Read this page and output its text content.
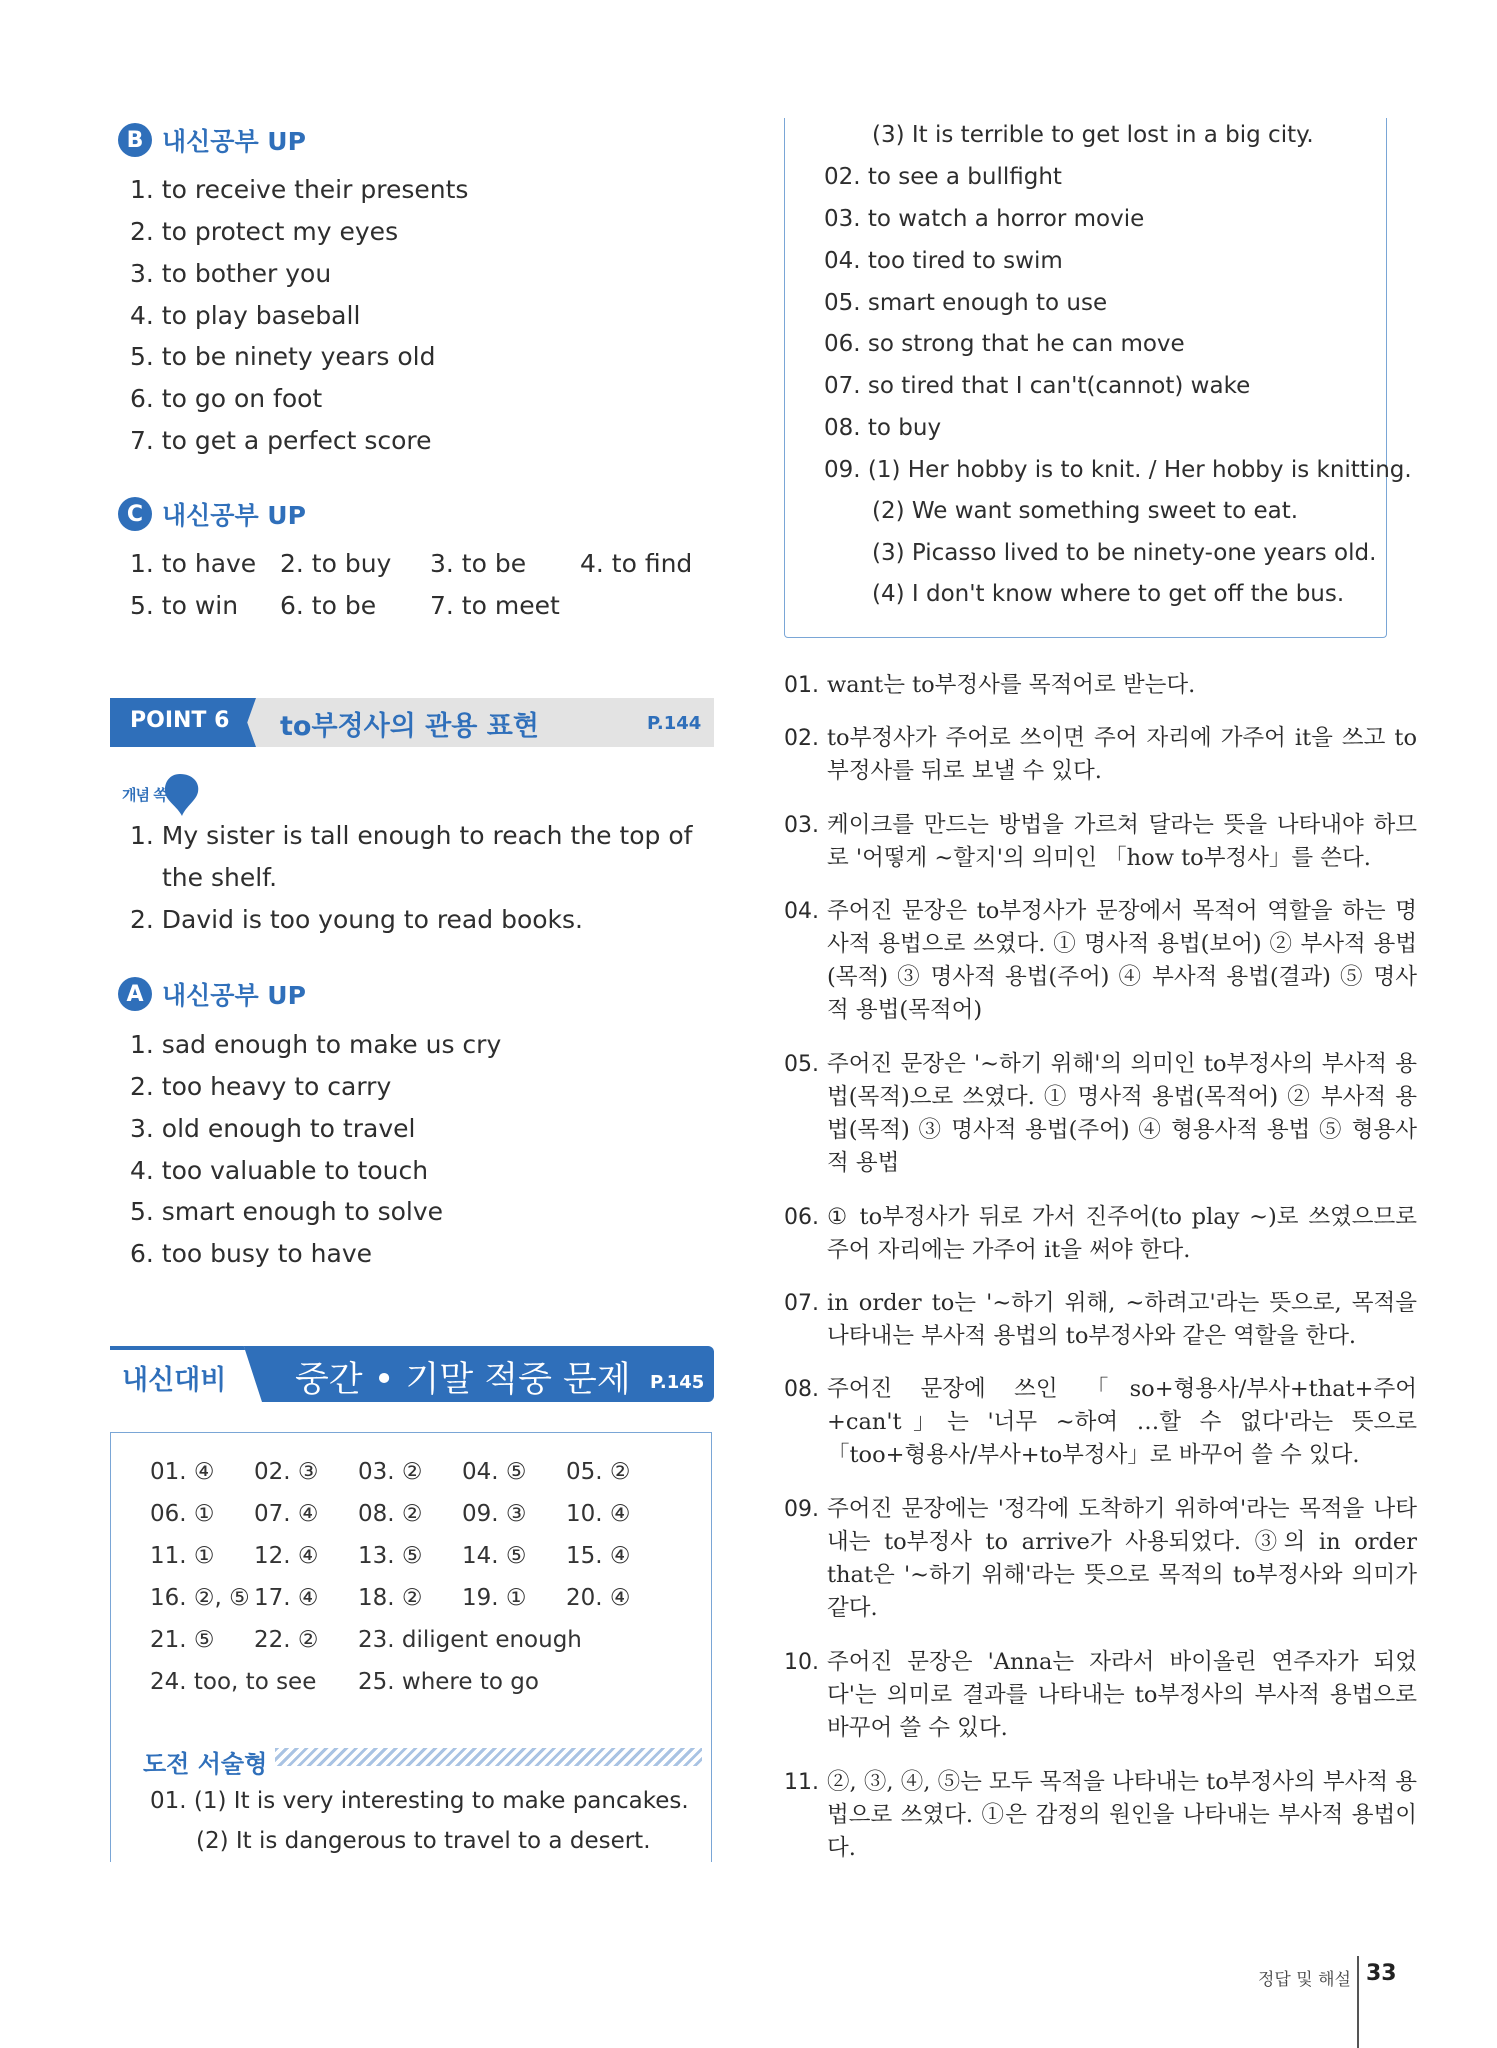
B 내신공부 UP
1. to receive their presents
2. to protect my eyes
3. to bother you
4. to play baseball
5. to be ninety years old
6. to go on foot
7. to get a perfect score
C 내신공부 UP
1. to have 2. to buy 3. to be 4. to find
5. to win 6. to be 7. to meet
POINT 6 to부정사의 관용 표현	P.144
개념 쏙
1. My sister is tall enough to reach the top of
the shelf.
2. David is too young to read books.
A 내신공부 UP
1. sad enough to make us cry
2. too heavy to carry
3. old enough to travel
4. too valuable to touch
5. smart enough to solve
6. too busy to have
내신대비 중간 • 기말 적중 문제 P.145
01. ④ 02. ③ 03. ② 04. ⑤ 05. ②
06. ① 07. ④ 08. ② 09. ③ 10. ④
11. ① 12. ④ 13. ⑤ 14. ⑤ 15. ④
16. ②, ⑤ 17. ④ 18. ② 19. ① 20. ④
21. ⑤ 22. ② 23. diligent enough
24. too, to see 25. where to go
도전 서술형
01. (1) It is very interesting to make pancakes.
(2) It is dangerous to travel to a desert.
(3) It is terrible to get lost in a big city.
02. to see a bullfight
03. to watch a horror movie
04. too tired to swim
05. smart enough to use
06. so strong that he can move
07. so tired that I can't(cannot) wake
08. to buy
09. (1) Her hobby is to knit. / Her hobby is knitting.
(2) We want something sweet to eat.
(3) Picasso lived to be ninety-one years old.
(4) I don't know where to get off the bus.
01. want는 to부정사를 목적어로 받는다.
02. to부정사가 주어로 쓰이면 주어 자리에 가주어 it을 쓰고 to부정사를 뒤로 보낼 수 있다.
03. 케이크를 만드는 방법을 가르쳐 달라는 뜻을 나타내야 하므로 '어떻게 ~할지'의 의미인 「how to부정사」를 쓴다.
04. 주어진 문장은 to부정사가 문장에서 목적어 역할을 하는 명사적 용법으로 쓰였다. ① 명사적 용법(보어) ② 부사적 용법(목적) ③ 명사적 용법(주어) ④ 부사적 용법(결과) ⑤ 명사적 용법(목적어)
05. 주어진 문장은 '~하기 위해'의 의미인 to부정사의 부사적 용법(목적)으로 쓰였다. ① 명사적 용법(목적어) ② 부사적 용법(목적) ③ 명사적 용법(주어) ④ 형용사적 용법 ⑤ 형용사적 용법
06. ① to부정사가 뒤로 가서 진주어(to play ~)로 쓰였으므로 주어 자리에는 가주어 it을 써야 한다.
07. in order to는 '~하기 위해, ~하려고'라는 뜻으로, 목적을 나타내는 부사적 용법의 to부정사와 같은 역할을 한다.
08. 주어진 문장에 쓰인 「so+형용사/부사+that+주어+can't」는 '너무 ~하여 …할 수 없다'라는 뜻으로 「too+형용사/부사+to부정사」로 바꾸어 쓸 수 있다.
09. 주어진 문장에는 '정각에 도착하기 위하여'라는 목적을 나타내는 to부정사 to arrive가 사용되었다. ③의 in order that은 '~하기 위해'라는 뜻으로 목적의 to부정사와 의미가 같다.
10. 주어진 문장은 'Anna는 자라서 바이올린 연주자가 되었다'는 의미로 결과를 나타내는 to부정사의 부사적 용법으로 바꾸어 쓸 수 있다.
11. ②, ③, ④, ⑤는 모두 목적을 나타내는 to부정사의 부사적 용법으로 쓰였다. ①은 감정의 원인을 나타내는 부사적 용법이다.
정답 및 해설 33
